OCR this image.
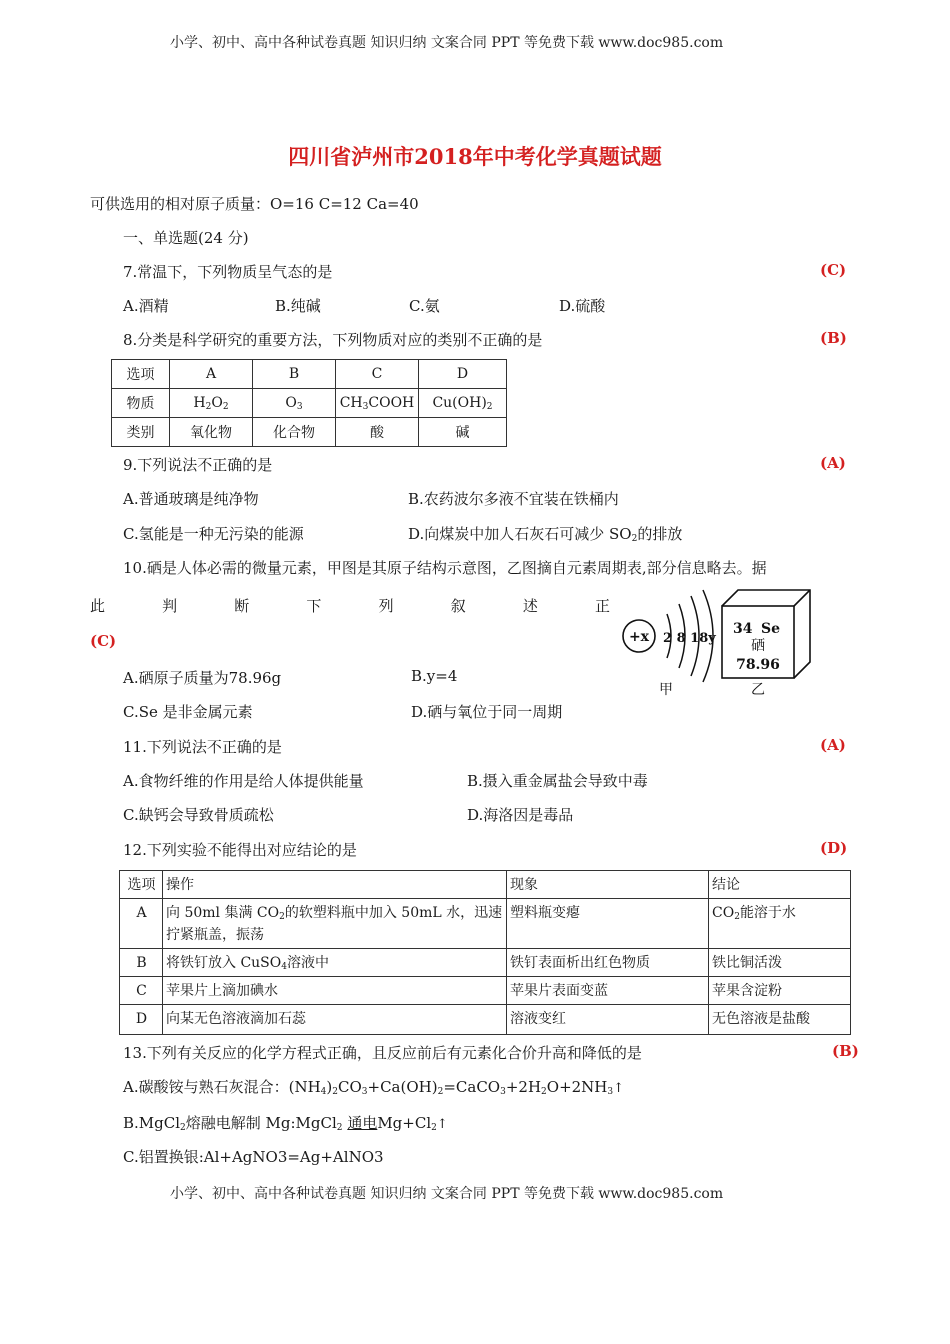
小学、初中、高中各种试卷真题 知识归纳 文案合同 PPT 等免费下载 www.doc985.com
四川省泸州市2018年中考化学真题试题
可供选用的相对原子质量：O=16 C=12 Ca=40
一、单选题(24 分)
7.常温下，下列物质呈气态的是	(C)
A.酒精	B.纯碱	C.氨	D.硫酸
8.分类是科学研究的重要方法，下列物质对应的类别不正确的是	(B)
选项	A	B	C	D
物质	$H_2O_2$	$O_3$	$CH_3COOH$	$Cu(OH)_2$
类别	氧化物	化合物	酸	碱
9.下列说法不正确的是	(A)
A.普通玻璃是纯净物	B.农药波尔多液不宜装在铁桶内
C.氢能是一种无污染的能源	D.向煤炭中加人石灰石可减少 $SO_2$的排放
10.硒是人体必需的微量元素，甲图是其原子结构示意图，乙图摘自元素周期表,部分信息略去。据
此	判	断	下	列	叙	述	正
(C)	+x 2 8 18y
甲
34 Se
硒
78.96
乙
A.硒原子质量为78.96g	B.y=4
C.Se 是非金属元素	D.硒与氧位于同一周期
11.下列说法不正确的是	(A)
A.食物纤维的作用是给人体提供能量	B.摄入重金属盐会导致中毒
C.缺钙会导致骨质疏松	D.海洛因是毒品
12.下列实验不能得出对应结论的是	(D)
选项	操作	现象	结论
A	向 50ml 集满 $CO_2$的软塑料瓶中加入 50mL 水，迅速拧紧瓶盖，振荡	塑料瓶变瘪	$CO_2$能溶于水
B	将铁钉放入 CuSO$_4$溶液中	铁钉表面析出红色物质	铁比铜活泼
C	苹果片上滴加碘水	苹果片表面变蓝	苹果含淀粉
D	向某无色溶液滴加石蕊	溶液变红	无色溶液是盐酸
13.下列有关反应的化学方程式正确，且反应前后有元素化合价升高和降低的是	(B)
A.碳酸铵与熟石灰混合：$(NH_4)_2CO_3+Ca(OH)_2=CaCO_3+2H_2O+2NH_3↑$
B.MgCl$_2$熔融电解制 Mg:MgCl$_2$ 通电$Mg+Cl_2↑$
C.铝置换银:Al+AgNO3=Ag+AlNO3
小学、初中、高中各种试卷真题 知识归纳 文案合同 PPT 等免费下载 www.doc985.com
